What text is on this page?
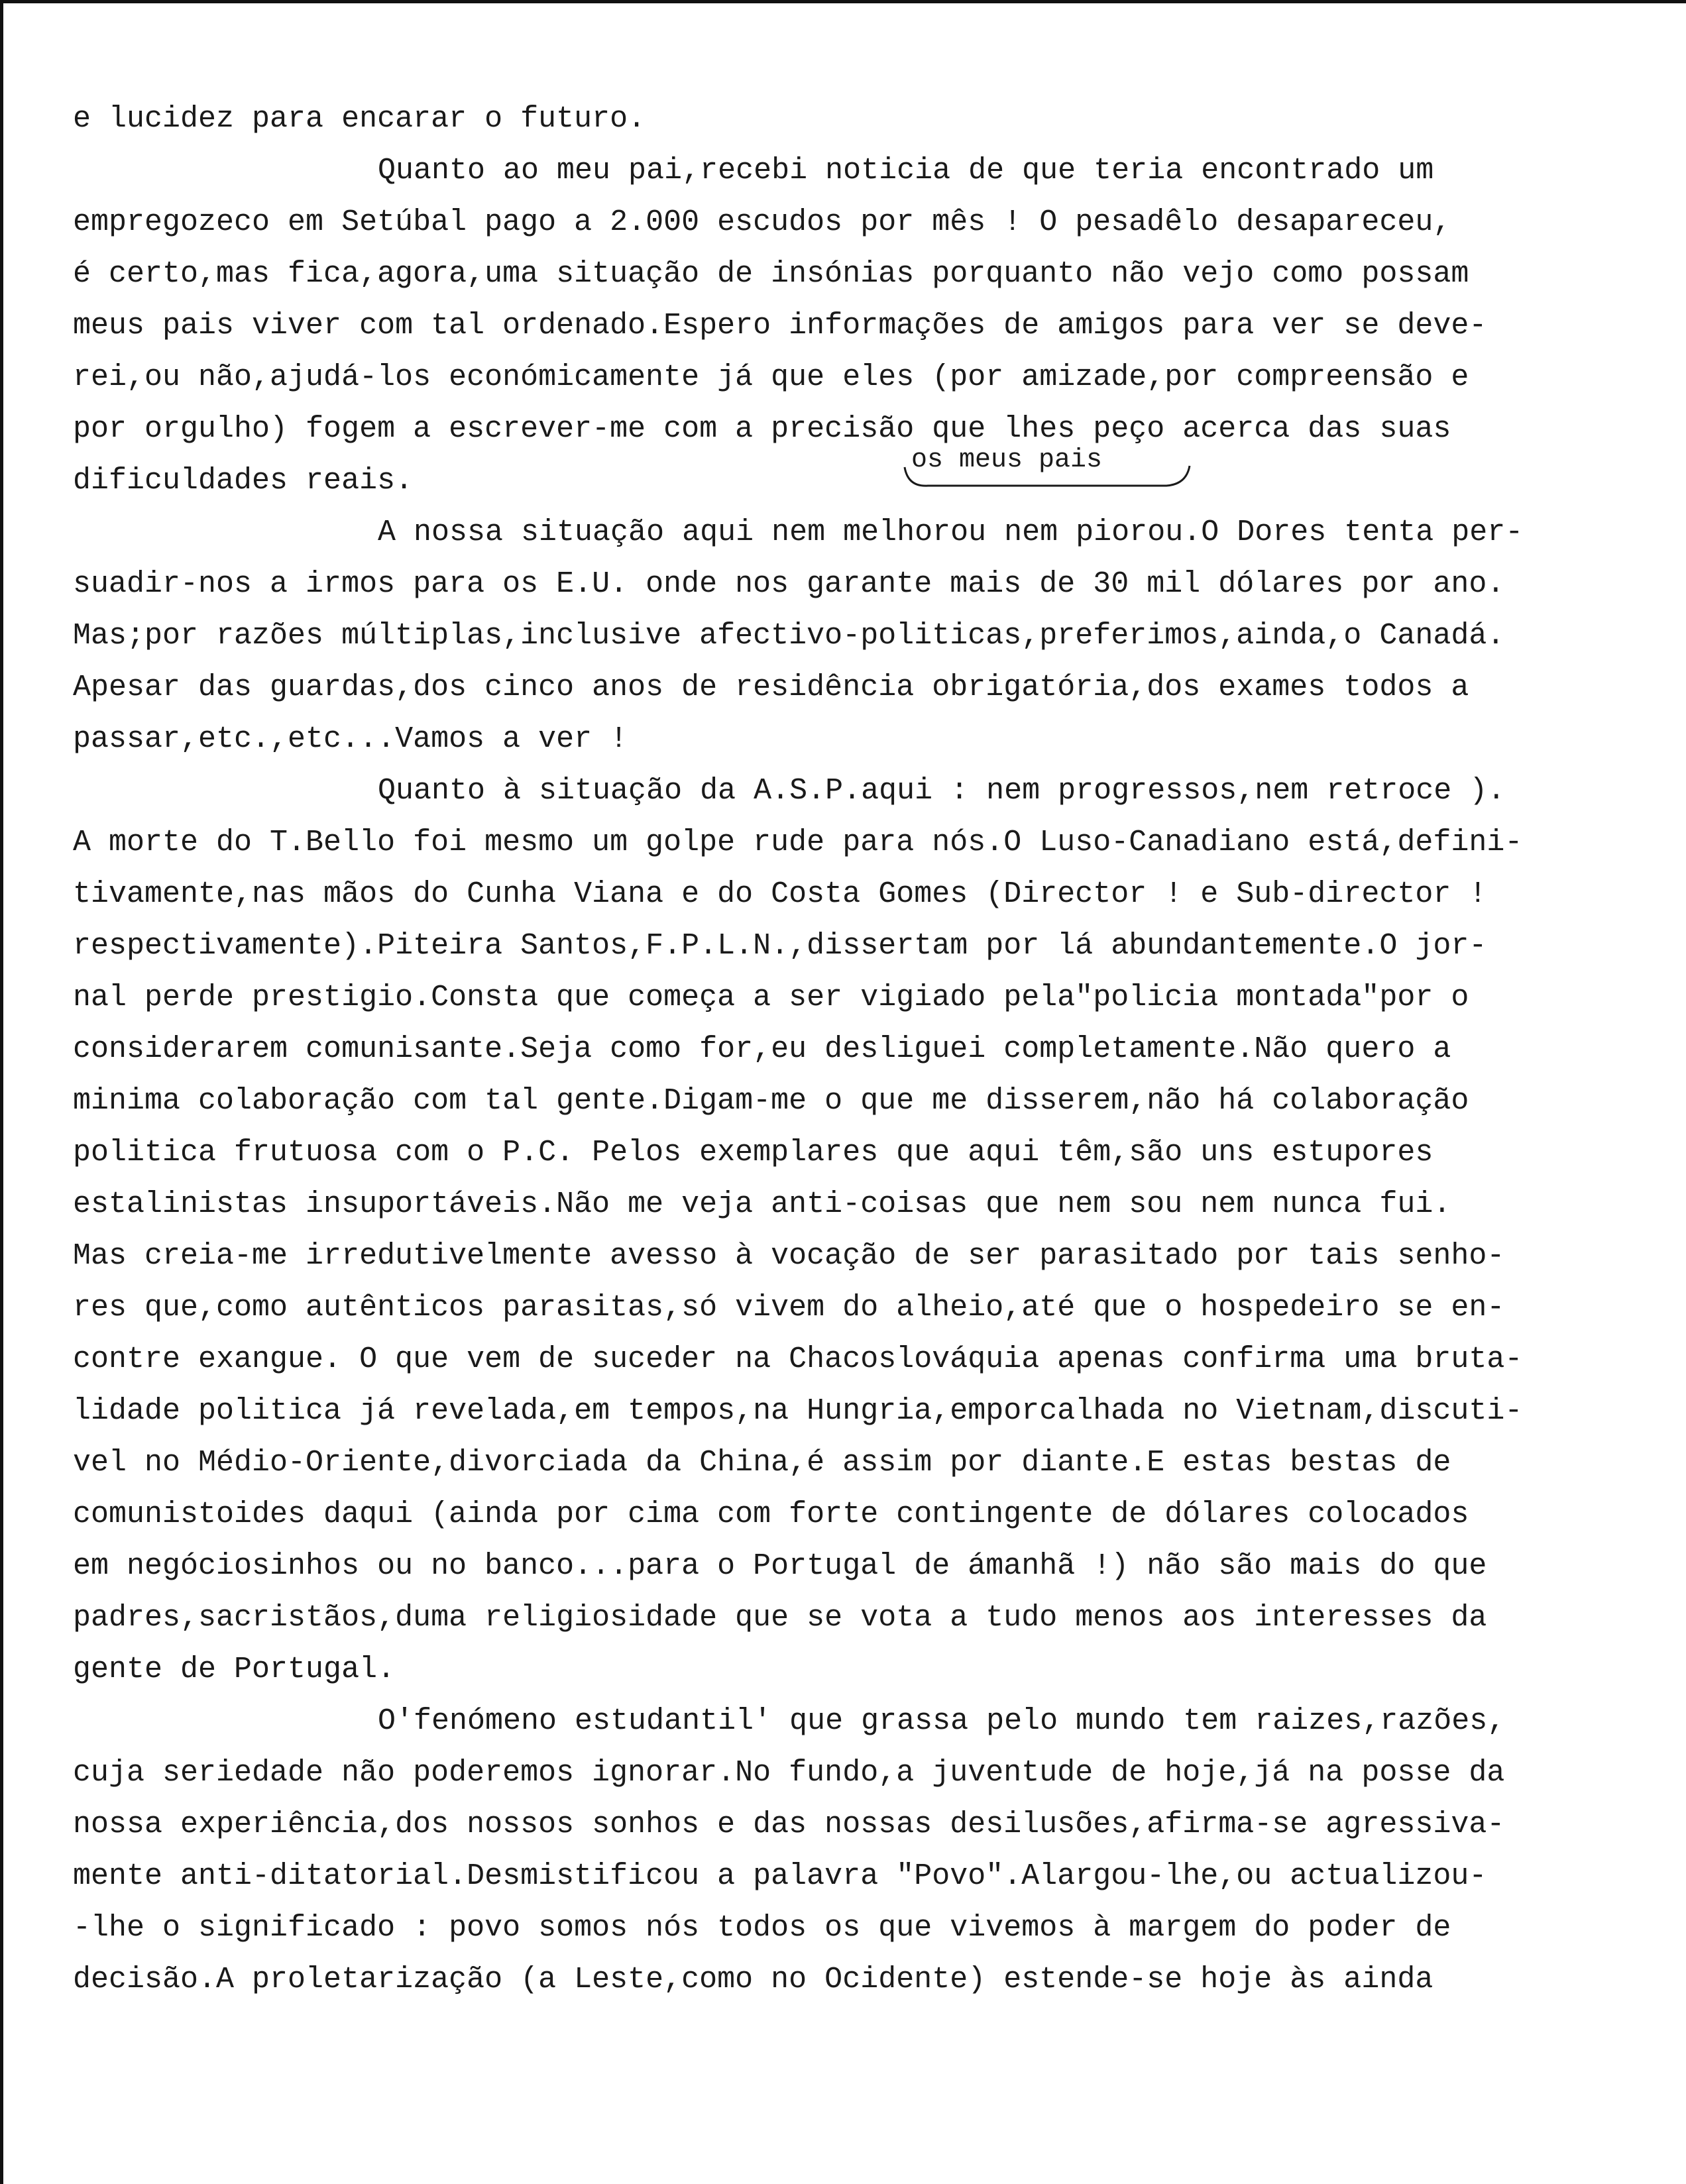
e lucidez para encarar o futuro.
Quanto ao meu pai,recebi noticia de que teria encontrado um
empregozeco em Setúbal pago a 2.000 escudos por mês ! O pesadêlo desapareceu,
é certo,mas fica,agora,uma situação de insónias porquanto não vejo como possam
meus pais viver com tal ordenado.Espero informações de amigos para ver se deve-
rei,ou não,ajudá-los económicamente já que eles (por amizade,por compreensão e
por orgulho) fogem a escrever-me com a precisão que lhes peço acerca das suas
dificuldades reais.
A nossa situação aqui nem melhorou nem piorou.O Dores tenta per-
suadir-nos a irmos para os E.U. onde nos garante mais de 30 mil dólares por ano.
Mas;por razões múltiplas,inclusive afectivo-politicas,preferimos,ainda,o Canadá.
Apesar das guardas,dos cinco anos de residência obrigatória,dos exames todos a
passar,etc.,etc...Vamos a ver !
Quanto à situação da A.S.P.aqui : nem progressos,nem retroce ).
A morte do T.Bello foi mesmo um golpe rude para nós.O Luso-Canadiano está,defini-
tivamente,nas mãos do Cunha Viana e do Costa Gomes (Director ! e Sub-director !
respectivamente).Piteira Santos,F.P.L.N.,dissertam por lá abundantemente.O jor-
nal perde prestigio.Consta que começa a ser vigiado pela"policia montada"por o
considerarem comunisante.Seja como for,eu desliguei completamente.Não quero a
minima colaboração com tal gente.Digam-me o que me disserem,não há colaboração
politica frutuosa com o P.C. Pelos exemplares que aqui têm,são uns estupores
estalinistas insuportáveis.Não me veja anti-coisas que nem sou nem nunca fui.
Mas creia-me irredutivelmente avesso à vocação de ser parasitado por tais senho-
res que,como autênticos parasitas,só vivem do alheio,até que o hospedeiro se en-
contre exangue. O que vem de suceder na Chacoslováquia apenas confirma uma bruta-
lidade politica já revelada,em tempos,na Hungria,emporcalhada no Vietnam,discuti-
vel no Médio-Oriente,divorciada da China,é assim por diante.E estas bestas de
comunistoides daqui (ainda por cima com forte contingente de dólares colocados
em negóciosinhos ou no banco...para o Portugal de ámanhã !) não são mais do que
padres,sacristãos,duma religiosidade que se vota a tudo menos aos interesses da
gente de Portugal.
O'fenómeno estudantil' que grassa pelo mundo tem raizes,razões,
cuja seriedade não poderemos ignorar.No fundo,a juventude de hoje,já na posse da
nossa experiência,dos nossos sonhos e das nossas desilusões,afirma-se agressiva-
mente anti-ditatorial.Desmistificou a palavra "Povo".Alargou-lhe,ou actualizou-
-lhe o significado : povo somos nós todos os que vivemos à margem do poder de
decisão.A proletarização (a Leste,como no Ocidente) estende-se hoje às ainda
os meus pais
